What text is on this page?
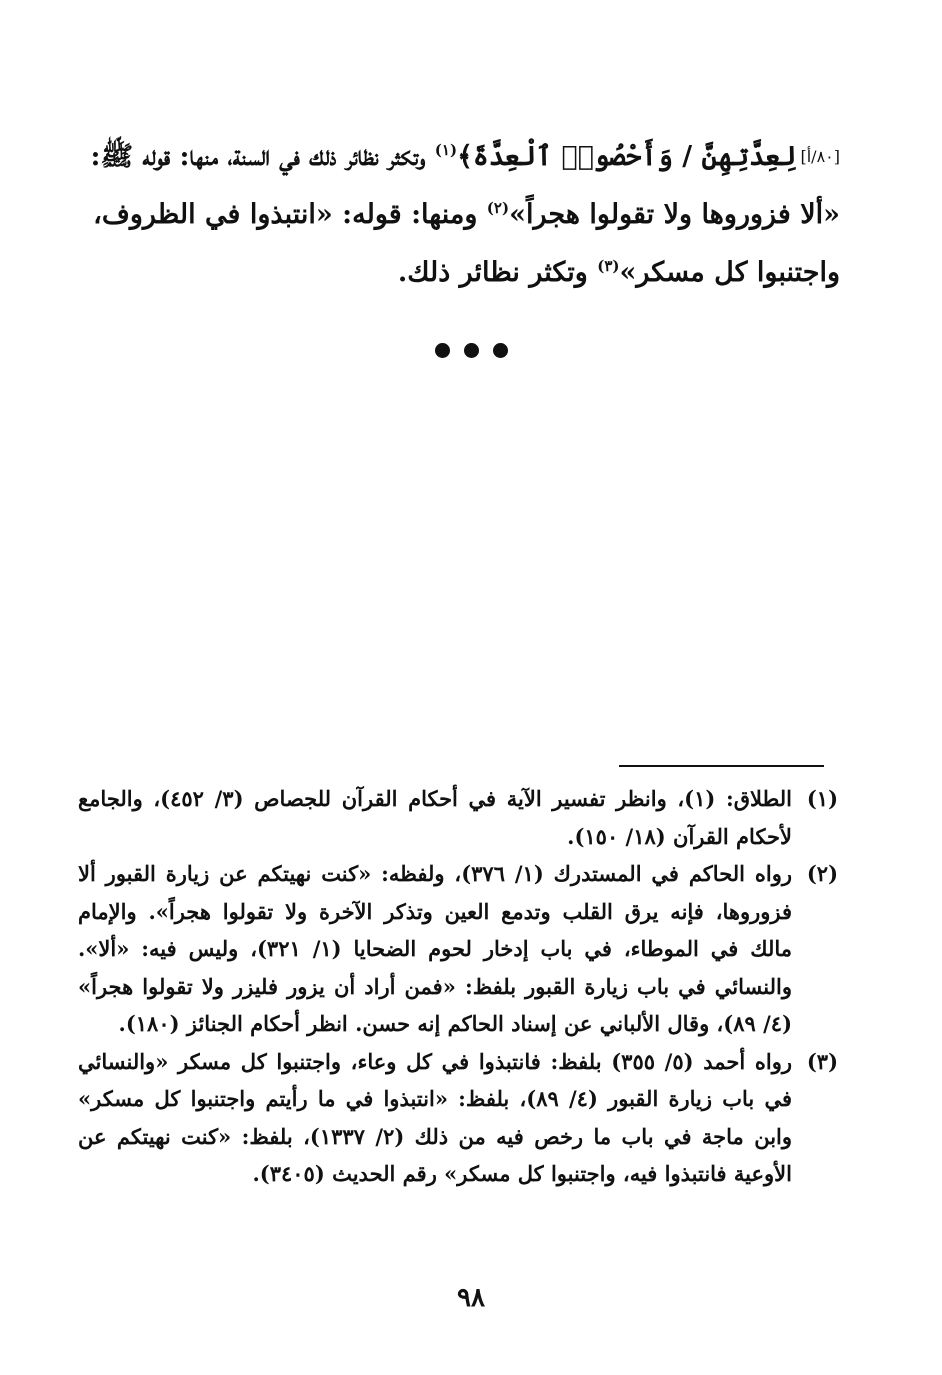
[٨٠/أ]لِعِدَّتِهِنَّ / وَأَحْصُوا۟ ٱلْعِدَّةَ﴾$^{(١)}$ وتكثر نظائر ذلك في السنة، منها: قوله ﷺ:
«ألا فزوروها ولا تقولوا هجراً»$^{(٢)}$ ومنها: قوله: «انتبذوا في الظروف،
واجتنبوا كل مسكر»$^{(٣)}$ وتكثر نظائر ذلك.
(١)
الطلاق: (١)، وانظر تفسير الآية في أحكام القرآن للجصاص (٣/ ٤٥٢)، والجامع
لأحكام القرآن (١٨/ ١٥٠).
(٢)
رواه الحاكم في المستدرك (١/ ٣٧٦)، ولفظه: «كنت نهيتكم عن زيارة القبور ألا
فزوروها، فإنه يرق القلب وتدمع العين وتذكر الآخرة ولا تقولوا هجراً». والإمام
مالك في الموطاء، في باب إدخار لحوم الضحايا (١/ ٣٢١)، وليس فيه: «ألا».
والنسائي في باب زيارة القبور بلفظ: «فمن أراد أن يزور فليزر ولا تقولوا هجراً»
(٤/ ٨٩)، وقال الألباني عن إسناد الحاكم إنه حسن. انظر أحكام الجنائز (١٨٠).
(٣)
رواه أحمد (٥/ ٣٥٥) بلفظ: فانتبذوا في كل وعاء، واجتنبوا كل مسكر «والنسائي
في باب زيارة القبور (٤/ ٨٩)، بلفظ: «انتبذوا في ما رأيتم واجتنبوا كل مسكر»
وابن ماجة في باب ما رخص فيه من ذلك (٢/ ١٣٣٧)، بلفظ: «كنت نهيتكم عن
الأوعية فانتبذوا فيه، واجتنبوا كل مسكر» رقم الحديث (٣٤٠٥).
٩٨
